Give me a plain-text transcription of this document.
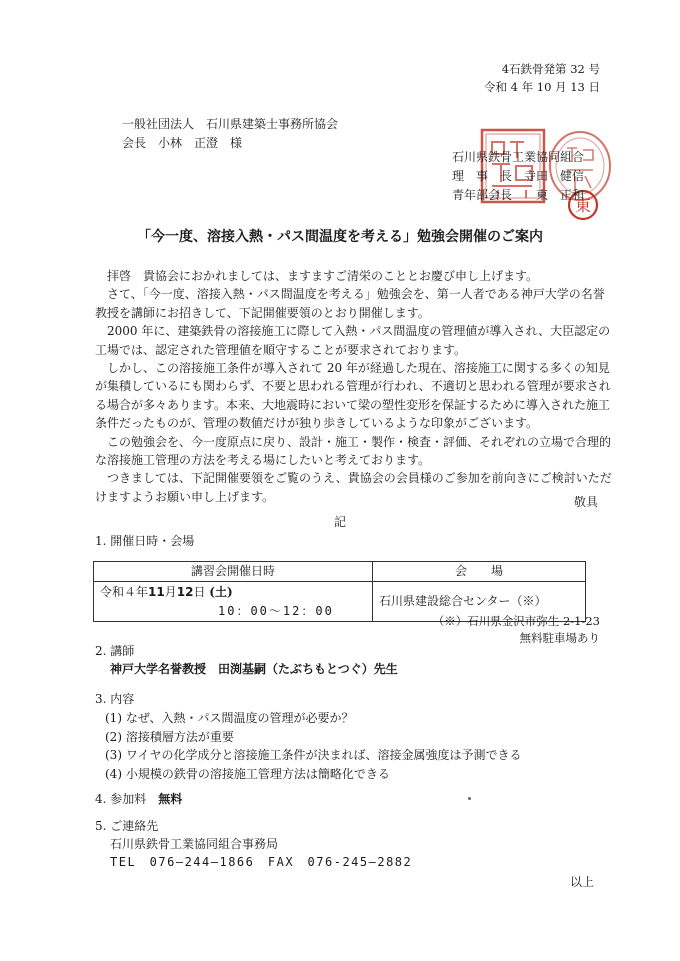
4石鉄骨発第 32 号
令和 4 年 10 月 13 日
一般社団法人　石川県建築士事務所協会
会長　小林　正澄　様
東
石川県鉄骨工業協同組合
理　事　長　寺田　健信
青年部会長　　東　正和
「今一度、溶接入熱・パス間温度を考える」勉強会開催のご案内

拝啓　貴協会におかれましては、ますますご清栄のこととお慶び申し上げます。

さて、「今一度、溶接入熱・パス間温度を考える」勉強会を、第一人者である神戸大学の名誉教授を講師にお招きして、下記開催要領のとおり開催します。

2000 年に、建築鉄骨の溶接施工に際して入熱・パス間温度の管理値が導入され、大臣認定の工場では、認定された管理値を順守することが要求されております。

しかし、この溶接施工条件が導入されて 20 年が経過した現在、溶接施工に関する多くの知見が集積しているにも関わらず、不要と思われる管理が行われ、不適切と思われる管理が要求される場合が多々あります。本来、大地震時において梁の塑性変形を保証するために導入された施工条件だったものが、管理の数値だけが独り歩きしているような印象がございます。

この勉強会を、今一度原点に戻り、設計・施工・製作・検査・評価、それぞれの立場で合理的な溶接施工管理の方法を考える場にしたいと考えております。

つきましては、下記開催要領をご覧のうえ、貴協会の会員様のご参加を前向きにご検討いただけますようお願い申し上げます。	敬具
記
1. 開催日時・会場
講習会開催日時	会　　場

令和４年11月12日 (土)
10：00～12：00	石川県建設総合センター（※）
（※）石川県金沢市弥生 2-1-23
無料駐車場あり
2. 講師
神戸大学名誉教授　田渕基嗣（たぶちもとつぐ）先生
3. 内容
(1) なぜ、入熱・パス間温度の管理が必要か？
(2) 溶接積層方法が重要
(3) ワイヤの化学成分と溶接施工条件が決まれば、溶接金属強度は予測できる
(4) 小規模の鉄骨の溶接施工管理方法は簡略化できる
4. 参加料　 無料
5. ご連絡先
石川県鉄骨工業協同組合事務局
TEL　076―244―1866　FAX　076-245―2882
以上
